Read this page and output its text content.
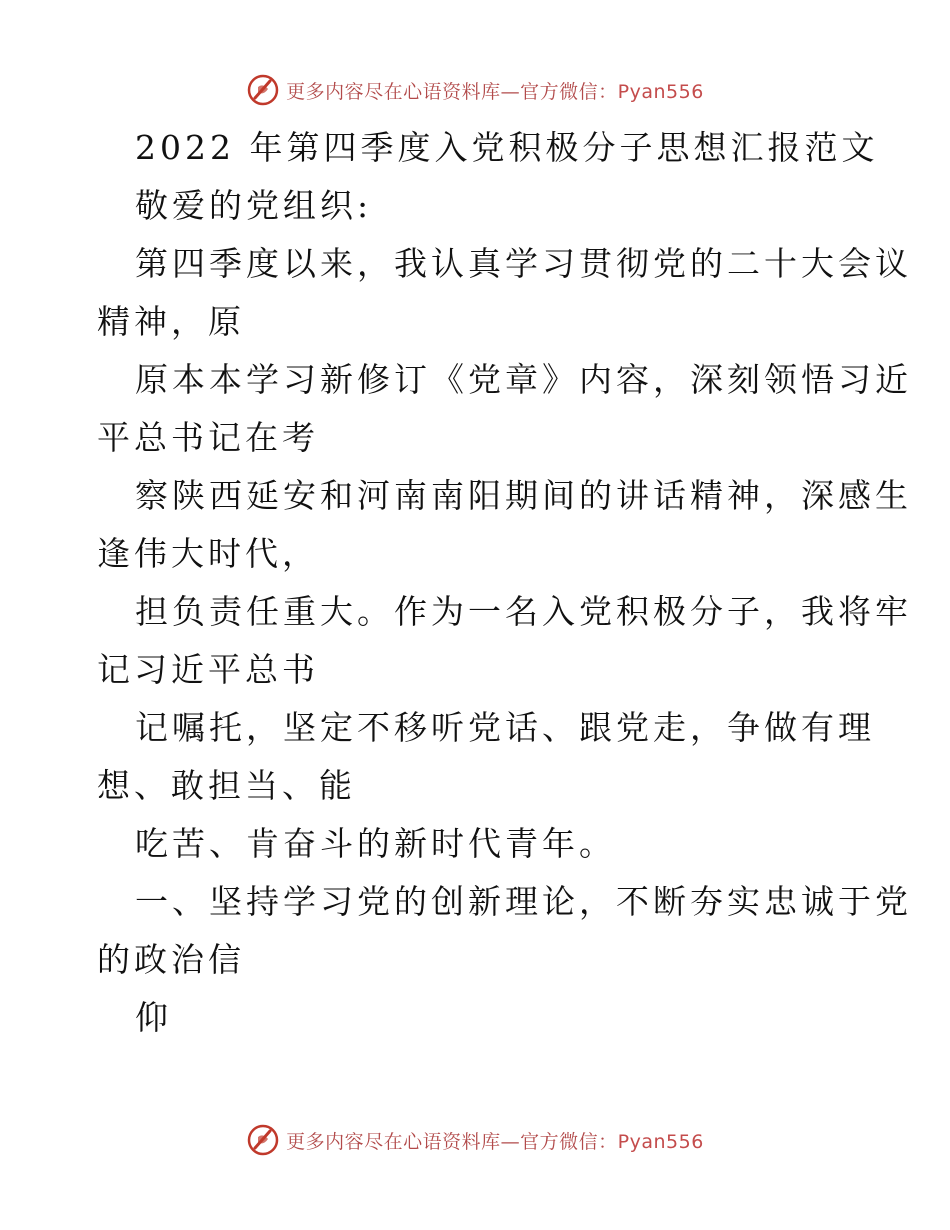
更多内容尽在心语资料库—官方微信：Pyan556
2022 年第四季度入党积极分子思想汇报范文
敬爱的党组织:
第四季度以来，我认真学习贯彻党的二十大会议
精神，原
原本本学习新修订《党章》内容，深刻领悟习近
平总书记在考
察陕西延安和河南南阳期间的讲话精神，深感生
逢伟大时代，
担负责任重大。作为一名入党积极分子，我将牢
记习近平总书
记嘱托，坚定不移听党话、跟党走，争做有理
想、敢担当、能
吃苦、肯奋斗的新时代青年。
一、坚持学习党的创新理论，不断夯实忠诚于党
的政治信
仰
更多内容尽在心语资料库—官方微信：Pyan556
